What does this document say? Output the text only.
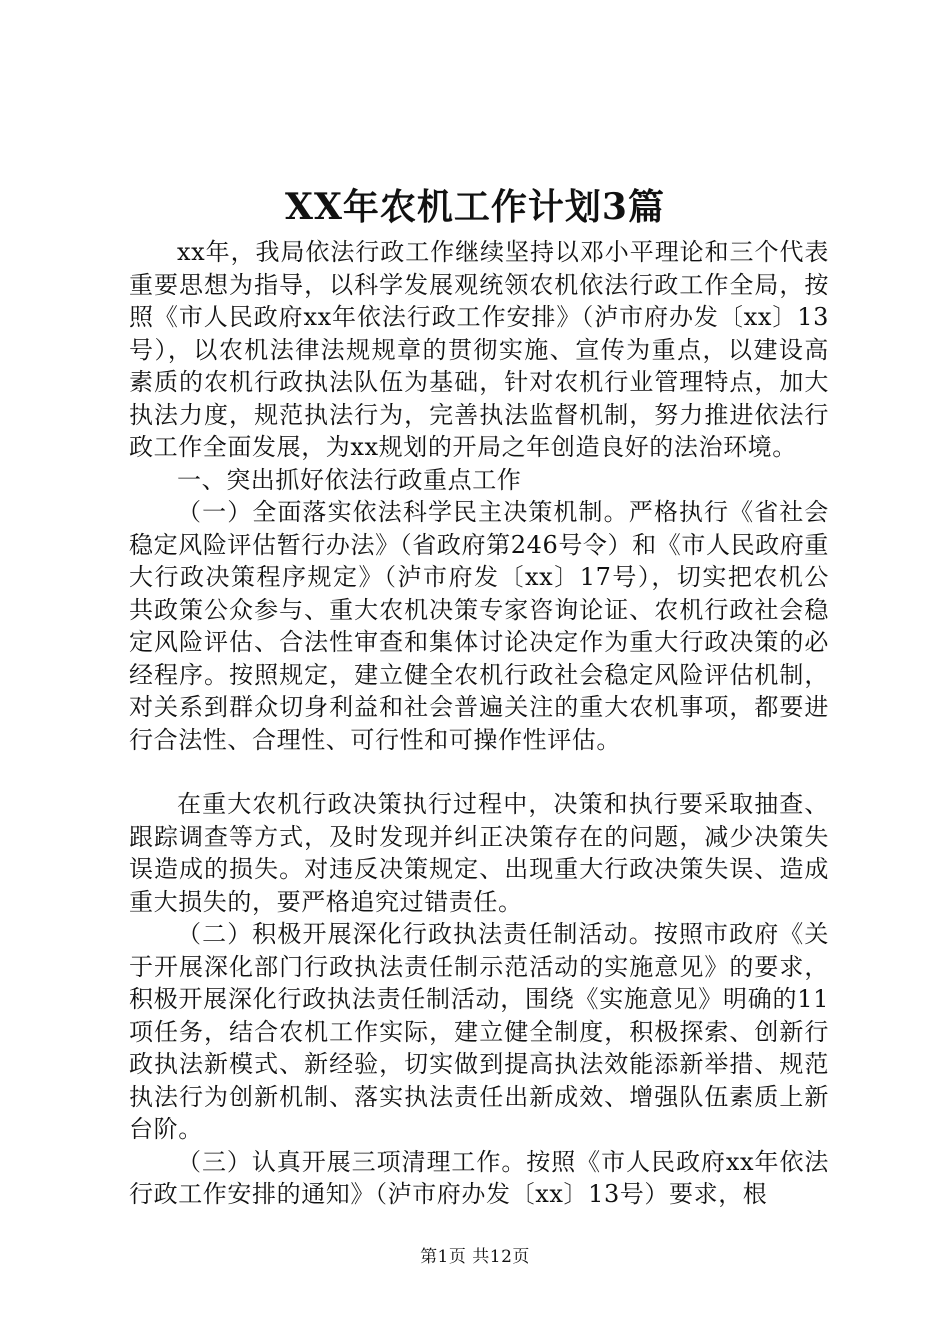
XX年农机工作计划3篇

xx年，我局依法行政工作继续坚持以邓小平理论和三个代表重要思想为指导，以科学发展观统领农机依法行政工作全局，按照《市人民政府xx年依法行政工作安排》（泸市府办发〔xx〕13号），以农机法律法规规章的贯彻实施、宣传为重点，以建设高素质的农机行政执法队伍为基础，针对农机行业管理特点，加大执法力度，规范执法行为，完善执法监督机制，努力推进依法行政工作全面发展，为xx规划的开局之年创造良好的法治环境。

一、突出抓好依法行政重点工作

（一）全面落实依法科学民主决策机制。严格执行《省社会稳定风险评估暂行办法》（省政府第246号令）和《市人民政府重大行政决策程序规定》（泸市府发〔xx〕17号），切实把农机公共政策公众参与、重大农机决策专家咨询论证、农机行政社会稳定风险评估、合法性审查和集体讨论决定作为重大行政决策的必经程序。按照规定，建立健全农机行政社会稳定风险评估机制，对关系到群众切身利益和社会普遍关注的重大农机事项，都要进行合法性、合理性、可行性和可操作性评估。

在重大农机行政决策执行过程中，决策和执行要采取抽查、跟踪调查等方式，及时发现并纠正决策存在的问题，减少决策失误造成的损失。对违反决策规定、出现重大行政决策失误、造成重大损失的，要严格追究过错责任。

（二）积极开展深化行政执法责任制活动。按照市政府《关于开展深化部门行政执法责任制示范活动的实施意见》的要求，积极开展深化行政执法责任制活动，围绕《实施意见》明确的11项任务，结合农机工作实际，建立健全制度，积极探索、创新行政执法新模式、新经验，切实做到提高执法效能添新举措、规范执法行为创新机制、落实执法责任出新成效、增强队伍素质上新台阶。

（三）认真开展三项清理工作。按照《市人民政府xx年依法行政工作安排的通知》（泸市府办发〔xx〕13号）要求，根

第1页 共12页
